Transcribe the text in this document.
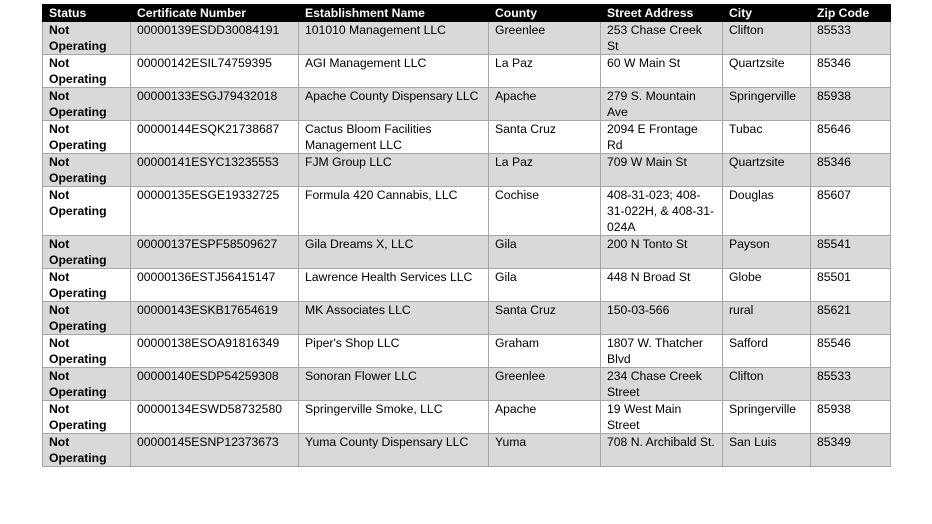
Status	Certificate Number	Establishment Name	County	Street Address	City	Zip Code
Not Operating	00000139ESDD30084191	101010 Management LLC	Greenlee	253 Chase Creek St	Clifton	85533
Not Operating	00000142ESIL74759395	AGI Management LLC	La Paz	60 W Main St	Quartzsite	85346
Not Operating	00000133ESGJ79432018	Apache County Dispensary LLC	Apache	279 S. Mountain Ave	Springerville	85938
Not Operating	00000144ESQK21738687	Cactus Bloom Facilities Management LLC	Santa Cruz	2094 E Frontage Rd	Tubac	85646
Not Operating	00000141ESYC13235553	FJM Group LLC	La Paz	709 W Main St	Quartzsite	85346
Not Operating	00000135ESGE19332725	Formula 420 Cannabis, LLC	Cochise	408-31-023; 408-31-022H, & 408-31-024A	Douglas	85607
Not Operating	00000137ESPF58509627	Gila Dreams X, LLC	Gila	200 N Tonto St	Payson	85541
Not Operating	00000136ESTJ56415147	Lawrence Health Services LLC	Gila	448 N Broad St	Globe	85501
Not Operating	00000143ESKB17654619	MK Associates LLC	Santa Cruz	150-03-566	rural	85621
Not Operating	00000138ESOA91816349	Piper's Shop LLC	Graham	1807 W. Thatcher Blvd	Safford	85546
Not Operating	00000140ESDP54259308	Sonoran Flower LLC	Greenlee	234 Chase Creek Street	Clifton	85533
Not Operating	00000134ESWD58732580	Springerville Smoke, LLC	Apache	19 West Main Street	Springerville	85938
Not Operating	00000145ESNP12373673	Yuma County Dispensary LLC	Yuma	708 N. Archibald St.	San Luis	85349
